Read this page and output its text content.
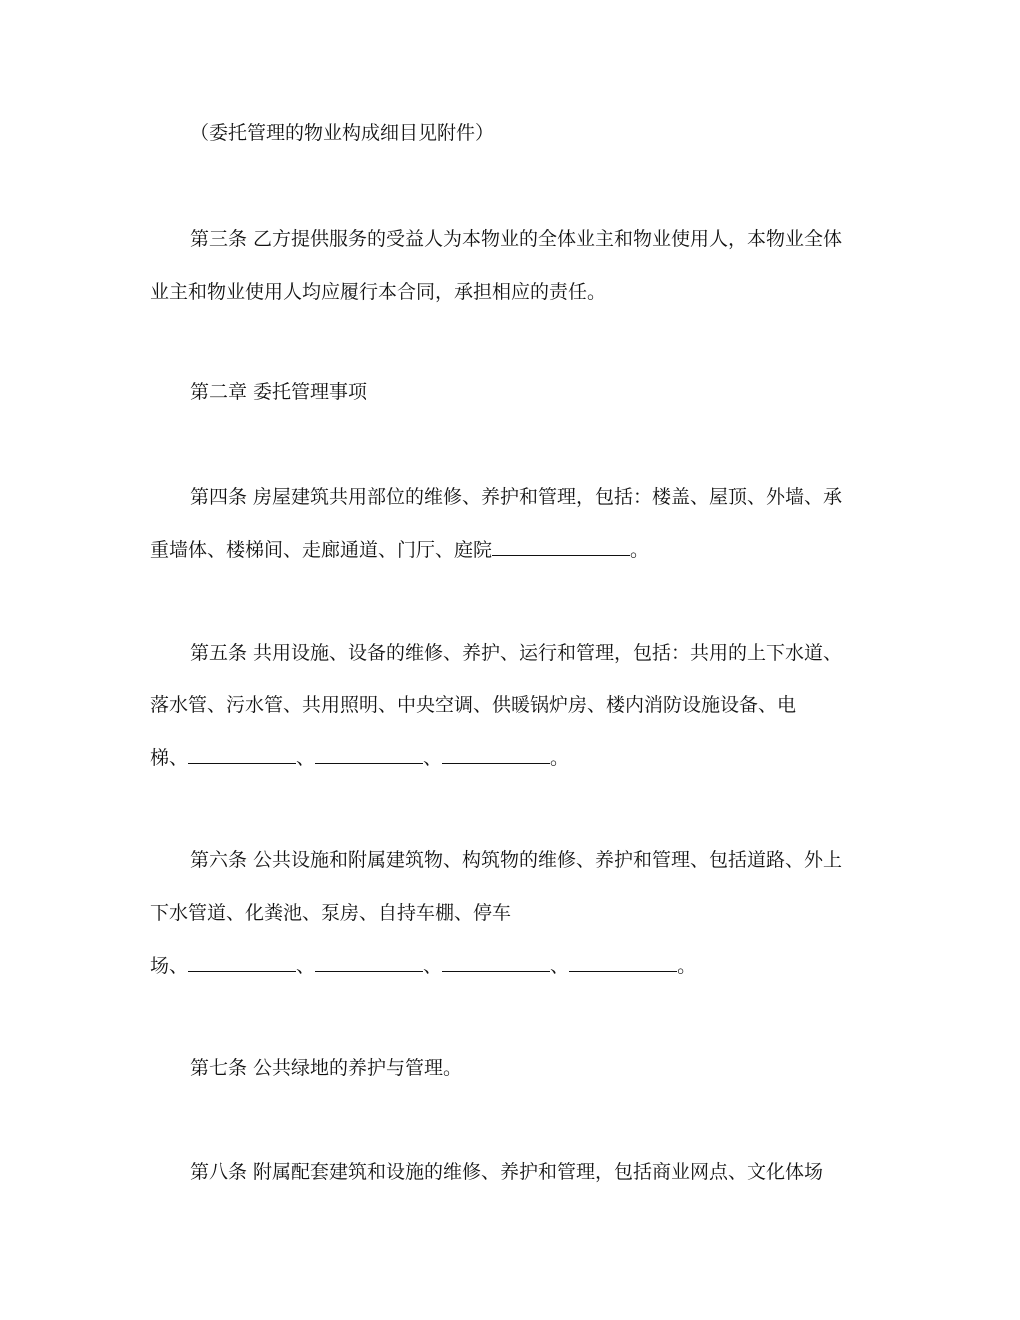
（委托管理的物业构成细目见附件）
第三条 乙方提供服务的受益人为本物业的全体业主和物业使用人，本物业全体
业主和物业使用人均应履行本合同，承担相应的责任。
第二章 委托管理事项
第四条 房屋建筑共用部位的维修、养护和管理，包括：楼盖、屋顶、外墙、承
重墙体、楼梯间、走廊通道、门厅、庭院	。
第五条 共用设施、设备的维修、养护、运行和管理，包括：共用的上下水道、
落水管、污水管、共用照明、中央空调、供暖锅炉房、楼内消防设施设备、电
梯、	、	、	。
第六条 公共设施和附属建筑物、构筑物的维修、养护和管理、包括道路、外上
下水管道、化粪池、泵房、自持车棚、停车
场、	、	、	、	。
第七条 公共绿地的养护与管理。
第八条 附属配套建筑和设施的维修、养护和管理，包括商业网点、文化体场
